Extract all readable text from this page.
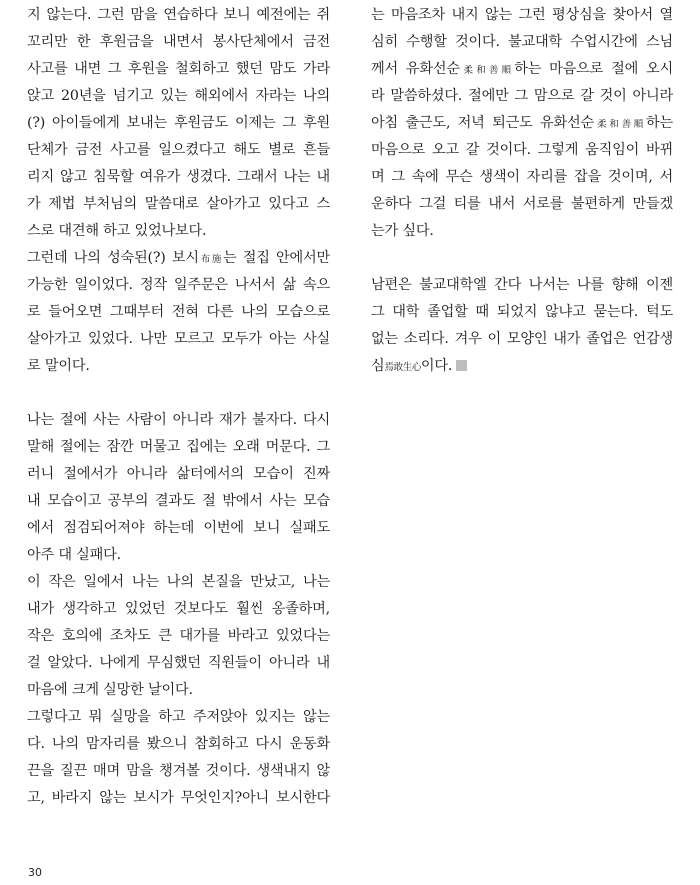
지 않는다. 그런 맘을 연습하다 보니 예전에는 쥐
꼬리만 한 후원금을 내면서 봉사단체에서 금전
사고를 내면 그 후원을 철회하고 했던 맘도 가라
앉고 20년을 넘기고 있는 해외에서 자라는 나의
(?) 아이들에게 보내는 후원금도 이제는 그 후원
단체가 금전 사고를 일으켰다고 해도 별로 흔들
리지 않고 침묵할 여유가 생겼다. 그래서 나는 내
가 제법 부처님의 말씀대로 살아가고 있다고 스
스로 대견해 하고 있었나보다.
그런데 나의 성숙된(?) 보시布施는 절집 안에서만
가능한 일이었다. 정작 일주문은 나서서 삶 속으
로 들어오면 그때부터 전혀 다른 나의 모습으로
살아가고 있었다. 나만 모르고 모두가 아는 사실
로 말이다.
나는 절에 사는 사람이 아니라 재가 불자다. 다시
말해 절에는 잠깐 머물고 집에는 오래 머문다. 그
러니 절에서가 아니라 삶터에서의 모습이 진짜
내 모습이고 공부의 결과도 절 밖에서 사는 모습
에서 점검되어져야 하는데 이번에 보니 실패도
아주 대 실패다.
이 작은 일에서 나는 나의 본질을 만났고, 나는
내가 생각하고 있었던 것보다도 훨씬 옹졸하며,
작은 호의에 조차도 큰 대가를 바라고 있었다는
걸 알았다. 나에게 무심했던 직원들이 아니라 내
마음에 크게 실망한 날이다.
그렇다고 뭐 실망을 하고 주저앉아 있지는 않는
다. 나의 맘자리를 봤으니 참회하고 다시 운동화
끈을 질끈 매며 맘을 챙겨볼 것이다. 생색내지 않
고, 바라지 않는 보시가 무엇인지?아니 보시한다
는 마음조차 내지 않는 그런 평상심을 찾아서 열
심히 수행할 것이다. 불교대학 수업시간에 스님
께서 유화선순柔和善順하는 마음으로 절에 오시
라 말씀하셨다. 절에만 그 맘으로 갈 것이 아니라
아침 출근도, 저녁 퇴근도 유화선순柔和善順하는
마음으로 오고 갈 것이다. 그렇게 움직임이 바뀌
며 그 속에 무슨 생색이 자리를 잡을 것이며, 서
운하다 그걸 티를 내서 서로를 불편하게 만들겠
는가 싶다.
남편은 불교대학엘 간다 나서는 나를 향해 이젠
그 대학 졸업할 때 되었지 않냐고 묻는다. 턱도
없는 소리다. 겨우 이 모양인 내가 졸업은 언감생
심焉敢生心이다.
30
